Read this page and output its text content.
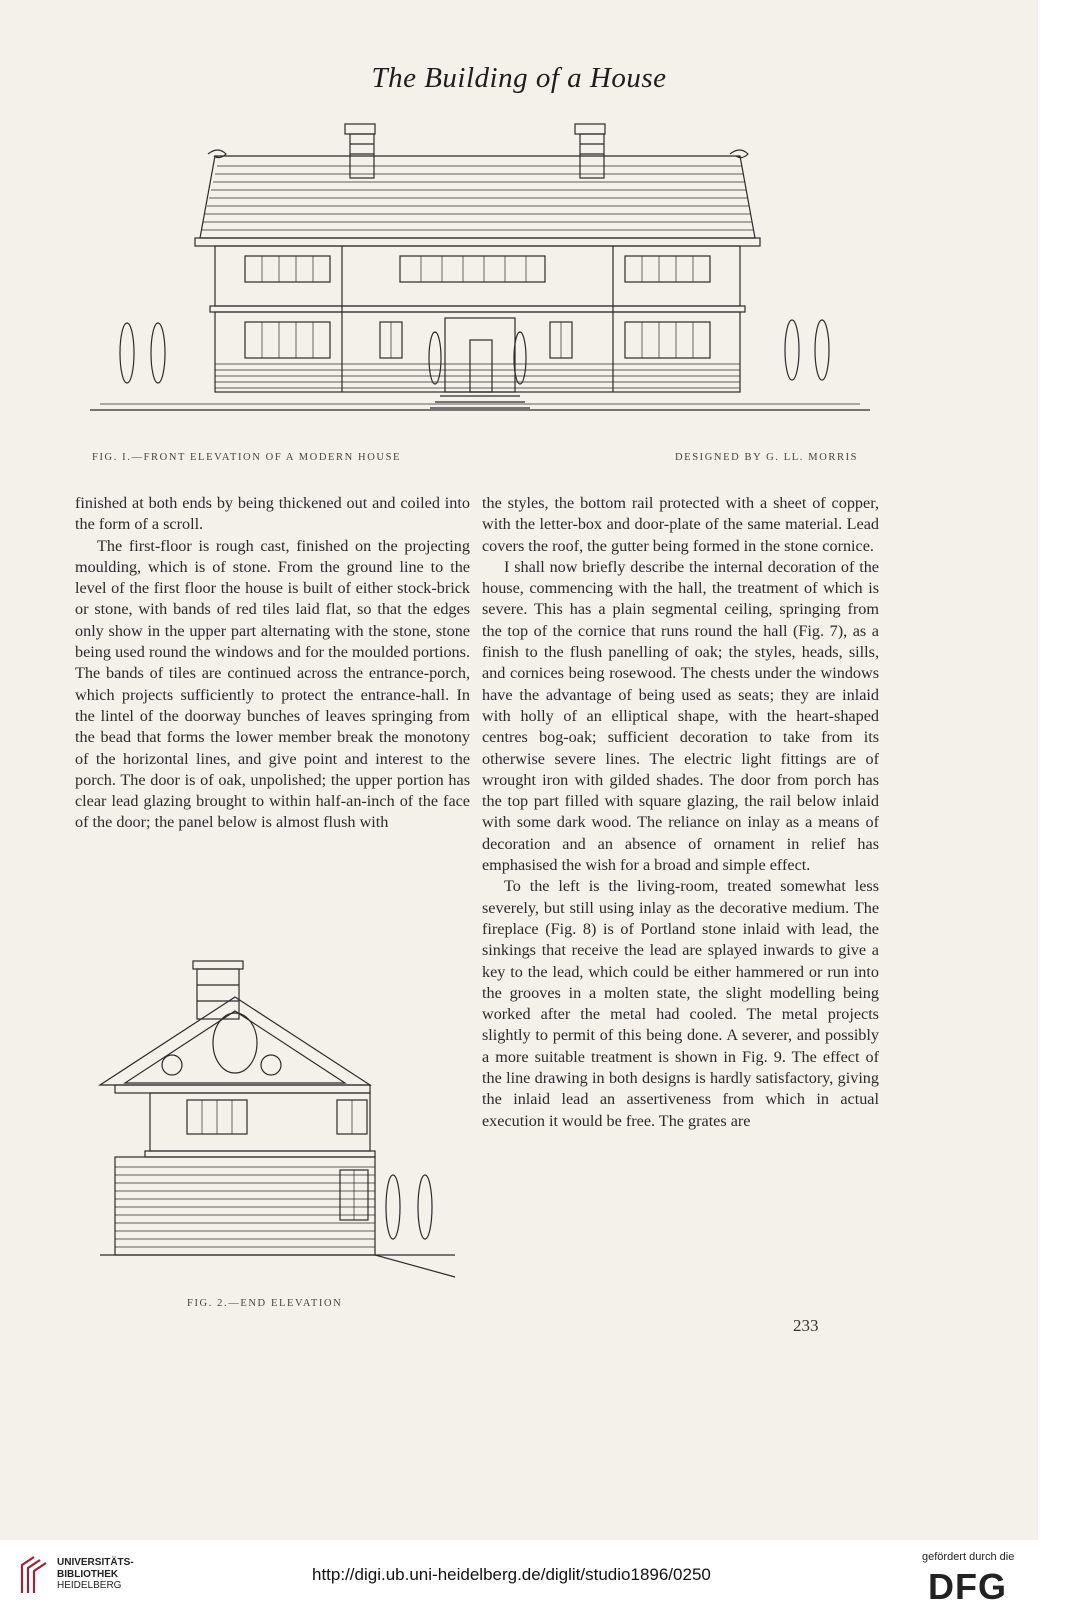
The Building of a House
FIG. I.—FRONT ELEVATION OF A MODERN HOUSE	DESIGNED BY G. LL. MORRIS

finished at both ends by being thickened out and coiled into the form of a scroll.

The first-floor is rough cast, finished on the projecting moulding, which is of stone. From the ground line to the level of the first floor the house is built of either stock-brick or stone, with bands of red tiles laid flat, so that the edges only show in the upper part alternating with the stone, stone being used round the windows and for the moulded portions. The bands of tiles are continued across the entrance-porch, which projects sufficiently to protect the entrance-hall. In the lintel of the doorway bunches of leaves springing from the bead that forms the lower member break the monotony of the horizontal lines, and give point and interest to the porch. The door is of oak, unpolished; the upper portion has clear lead glazing brought to within half-an-inch of the face of the door; the panel below is almost flush with

FIG. 2.—END ELEVATION

the styles, the bottom rail protected with a sheet of copper, with the letter-box and door-plate of the same material. Lead covers the roof, the gutter being formed in the stone cornice.

I shall now briefly describe the internal decoration of the house, commencing with the hall, the treatment of which is severe. This has a plain segmental ceiling, springing from the top of the cornice that runs round the hall (Fig. 7), as a finish to the flush panelling of oak; the styles, heads, sills, and cornices being rosewood. The chests under the windows have the advantage of being used as seats; they are inlaid with holly of an elliptical shape, with the heart-shaped centres bog-oak; sufficient decoration to take from its otherwise severe lines. The electric light fittings are of wrought iron with gilded shades. The door from porch has the top part filled with square glazing, the rail below inlaid with some dark wood. The reliance on inlay as a means of decoration and an absence of ornament in relief has emphasised the wish for a broad and simple effect.

To the left is the living-room, treated somewhat less severely, but still using inlay as the decorative medium. The fireplace (Fig. 8) is of Portland stone inlaid with lead, the sinkings that receive the lead are splayed inwards to give a key to the lead, which could be either hammered or run into the grooves in a molten state, the slight modelling being worked after the metal had cooled. The metal projects slightly to permit of this being done. A severer, and possibly a more suitable treatment is shown in Fig. 9. The effect of the line drawing in both designs is hardly satisfactory, giving the inlaid lead an assertiveness from which in actual execution it would be free. The grates are

233
UNIVERSITÄTS-
BIBLIOTHEK
HEIDELBERG
http://digi.ub.uni-heidelberg.de/diglit/studio1896/0250
gefördert durch die
DFG
